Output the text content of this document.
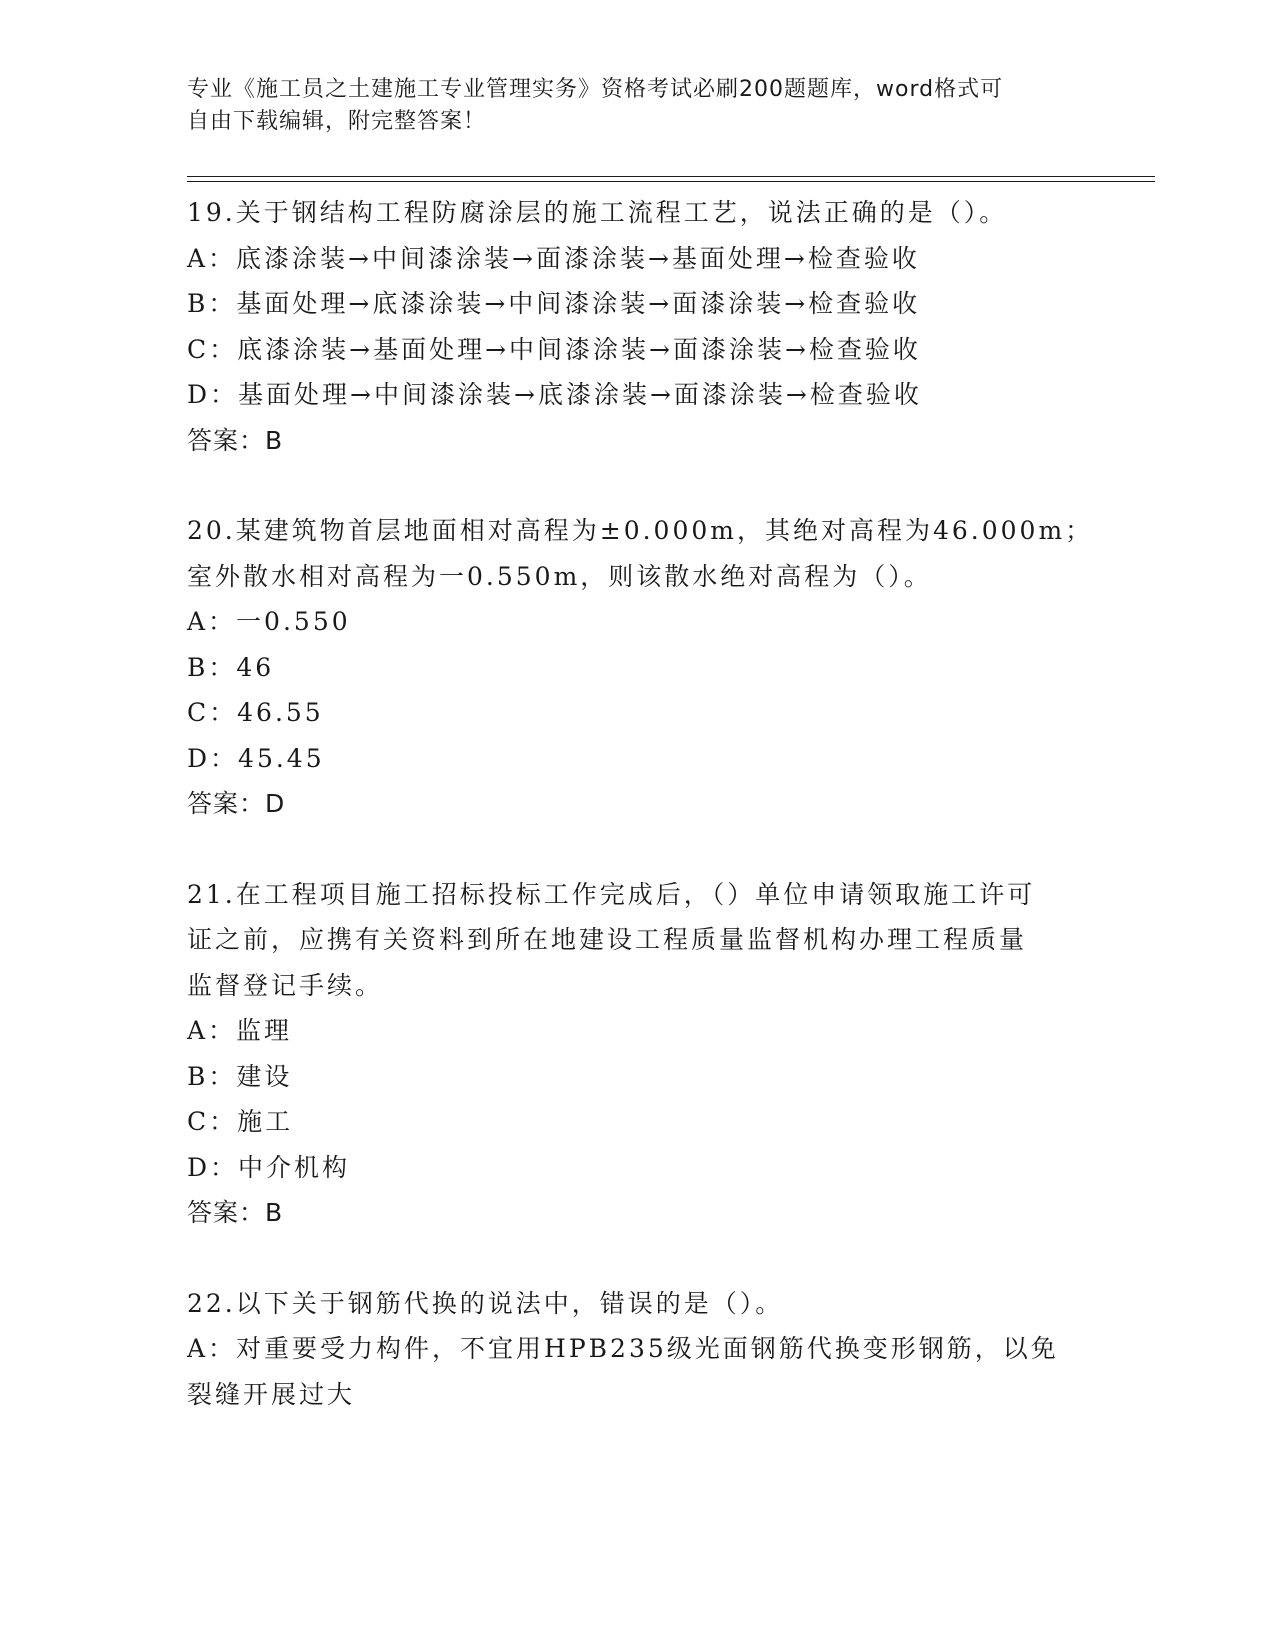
专业《施工员之土建施工专业管理实务》资格考试必刷200题题库，word格式可
自由下载编辑，附完整答案！
19.关于钢结构工程防腐涂层的施工流程工艺，说法正确的是（）。
A：底漆涂装→中间漆涂装→面漆涂装→基面处理→检查验收
B：基面处理→底漆涂装→中间漆涂装→面漆涂装→检查验收
C：底漆涂装→基面处理→中间漆涂装→面漆涂装→检查验收
D：基面处理→中间漆涂装→底漆涂装→面漆涂装→检查验收
答案：B
20.某建筑物首层地面相对高程为±0.000m，其绝对高程为46.000m；
室外散水相对高程为一0.550m，则该散水绝对高程为（）。
A：一0.550
B：46
C：46.55
D：45.45
答案：D
21.在工程项目施工招标投标工作完成后，（）单位申请领取施工许可
证之前，应携有关资料到所在地建设工程质量监督机构办理工程质量
监督登记手续。
A：监理
B：建设
C：施工
D：中介机构
答案：B
22.以下关于钢筋代换的说法中，错误的是（）。
A：对重要受力构件，不宜用HPB235级光面钢筋代换变形钢筋，以免
裂缝开展过大
